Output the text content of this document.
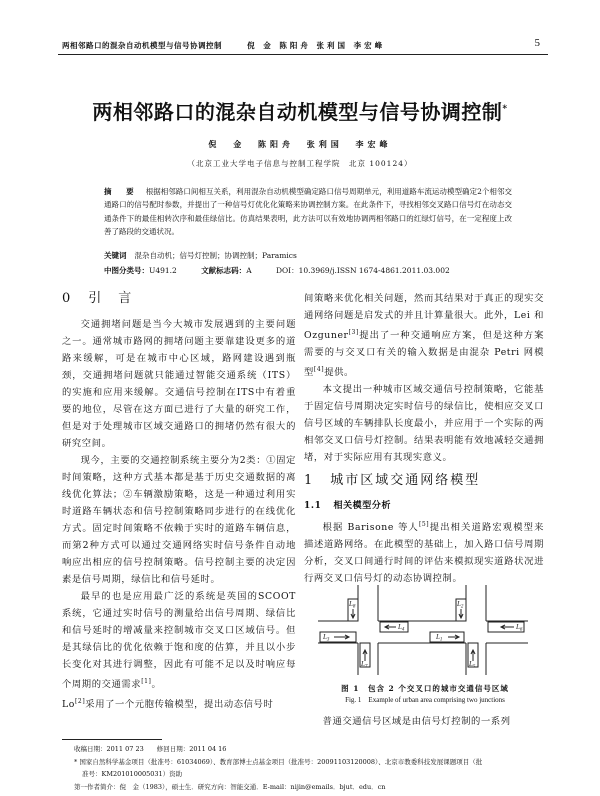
两相邻路口的混杂自动机模型与信号协调控制	倪 金 陈阳舟 张利国 李宏峰	5
两相邻路口的混杂自动机模型与信号协调控制*
倪 金 陈阳舟 张利国 李宏峰
（北京工业大学电子信息与控制工程学院　北京 100124）
摘 要 根据相邻路口间相互关系，利用混杂自动机模型确定路口信号周期单元，利用道路车流运动模型确定2个相邻交通路口的信号配时参数，并提出了一种信号灯优化化策略来协调控制方案。在此条件下，寻找相邻交叉路口信号灯在动态交通条件下的最佳相转次序和最佳绿信比。仿真结果表明，此方法可以有效地协调两相邻路口的红绿灯信号，在一定程度上改善了路段的交通状况。
关键词 混杂自动机；信号灯控制；协调控制；Paramics
中图分类号：U491.2	文献标志码：A	DOI：10.3969/j.ISSN 1674-4861.2011.03.002
0 引　言

交通拥堵问题是当今大城市发展遇到的主要问题之一。通常城市路网的拥堵问题主要靠建设更多的道路来缓解，可是在城市中心区域，路网建设遇到瓶颈，交通拥堵问题就只能通过智能交通系统（ITS）的实施和应用来缓解。交通信号控制在ITS中有着重要的地位，尽管在这方面已进行了大量的研究工作，但是对于处理城市区域交通路口的拥堵仍然有很大的研究空间。

现今，主要的交通控制系统主要分为2类：①固定时间策略，这种方式基本都是基于历史交通数据的离线优化算法；②车辆激励策略，这是一种通过利用实时道路车辆状态和信号控制策略同步进行的在线优化方式。固定时间策略不依赖于实时的道路车辆信息，而第2种方式可以通过交通网络实时信号条件自动地响应出相应的信号控制策略。信号控制主要的决定因素是信号周期，绿信比和信号延时。

最早的也是应用最广泛的系统是英国的SCOOT系统，它通过实时信号的测量给出信号周期、绿信比和信号延时的增减量来控制城市交叉口区域信号。但是其绿信比的优化依赖于饱和度的估算，并且以小步长变化对其进行调整，因此有可能不足以及时响应每个周期的交通需求[1]。

Lo[2]采用了一个元胞传输模型，提出动态信号时

间策略来优化相关问题，然而其结果对于真正的现实交通网络问题是启发式的并且计算量很大。此外，Lei 和 Ozguner[3]提出了一种交通响应方案，但是这种方案需要的与交叉口有关的输入数据是由混杂 Petri 网模型[4]提供。

本文提出一种城市区域交通信号控制策略，它能基于固定信号周期决定实时信号的绿信比，使相应交叉口信号区域的车辆排队长度最小，并应用于一个实际的两相邻交叉口信号灯控制。结果表明能有效地减轻交通拥堵，对于实际应用有其现实意义。

1 城市区域交通网络模型
1.1 相关模型分析

根据 Barisone 等人[5]提出相关道路宏观模型来描述道路网络。在此模型的基础上，加入路口信号周期分析，交叉口间通行时间的评估来模拟现实道路状况进行两交叉口信号灯的动态协调控制。

$L_8$	$L_2$
$L_4$
$L_1$
$L_3$
$L_6$
$L_7$	$L_5$
图 1　包含 2 个交叉口的城市交通信号区域
Fig. 1　Example of urban area comprising two junctions
普通交通信号区域是由信号灯控制的一系列
收稿日期：2011 07 23　　修回日期：2011 04 16
* 国家自然科学基金项目（批准号：61034069）、教育部博士点基金项目（批准号：20091103120008）、北京市教委科技发展课题项目（批
准号：KM201010005031）资助
第一作者简介：倪　金（1983），硕士生．研究方向：智能交通．E-mail：nijin@emails．bjut．edu．cn
